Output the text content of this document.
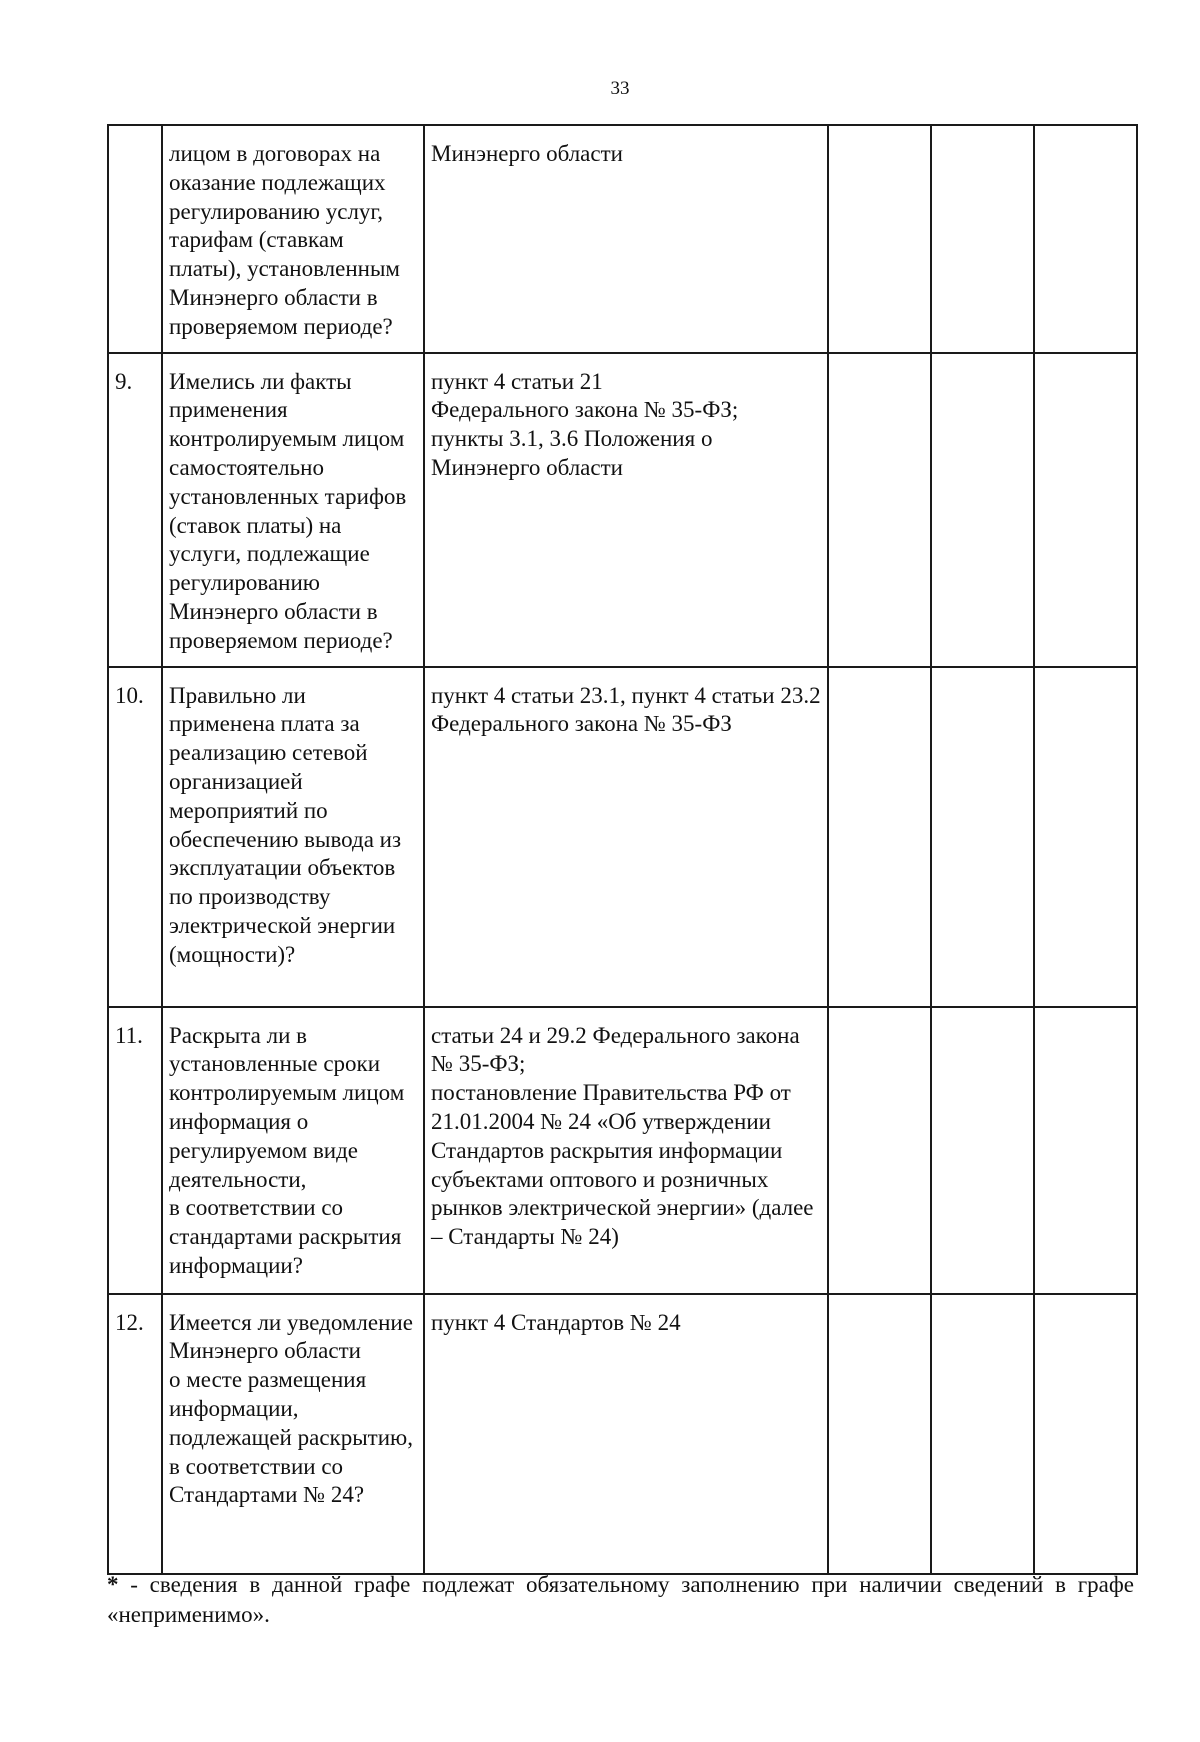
33
	лицом в договорах на оказание подлежащих регулированию услуг, тарифам (ставкам платы), установленным Минэнерго области в проверяемом периоде?	Минэнерго области			
9.	Имелись ли факты применения контролируемым лицом самостоятельно установленных тарифов (ставок платы) на услуги, подлежащие регулированию Минэнерго области в проверяемом периоде?	пункт 4 статьи 21
Федерального закона № 35-ФЗ;
пункты 3.1, 3.6 Положения о Минэнерго области			
10.	Правильно ли применена плата за реализацию сетевой организацией мероприятий по обеспечению вывода из эксплуатации объектов по производству электрической энергии (мощности)?	пункт 4 статьи 23.1, пункт 4 статьи 23.2 Федерального закона № 35-ФЗ			
11.	Раскрыта ли в установленные сроки контролируемым лицом информация о регулируемом виде деятельности,
в соответствии со стандартами раскрытия информации?	статьи 24 и 29.2 Федерального закона № 35-ФЗ;
постановление Правительства РФ от 21.01.2004 № 24 «Об утверждении Стандартов раскрытия информации субъектами оптового и розничных рынков электрической энергии» (далее – Стандарты № 24)			
12.	Имеется ли уведомление Минэнерго области
о месте размещения информации, подлежащей раскрытию, в соответствии со Стандартами № 24?	пункт 4 Стандартов № 24			
* - сведения в данной графе подлежат обязательному заполнению при наличии сведений в графе «неприменимо».
